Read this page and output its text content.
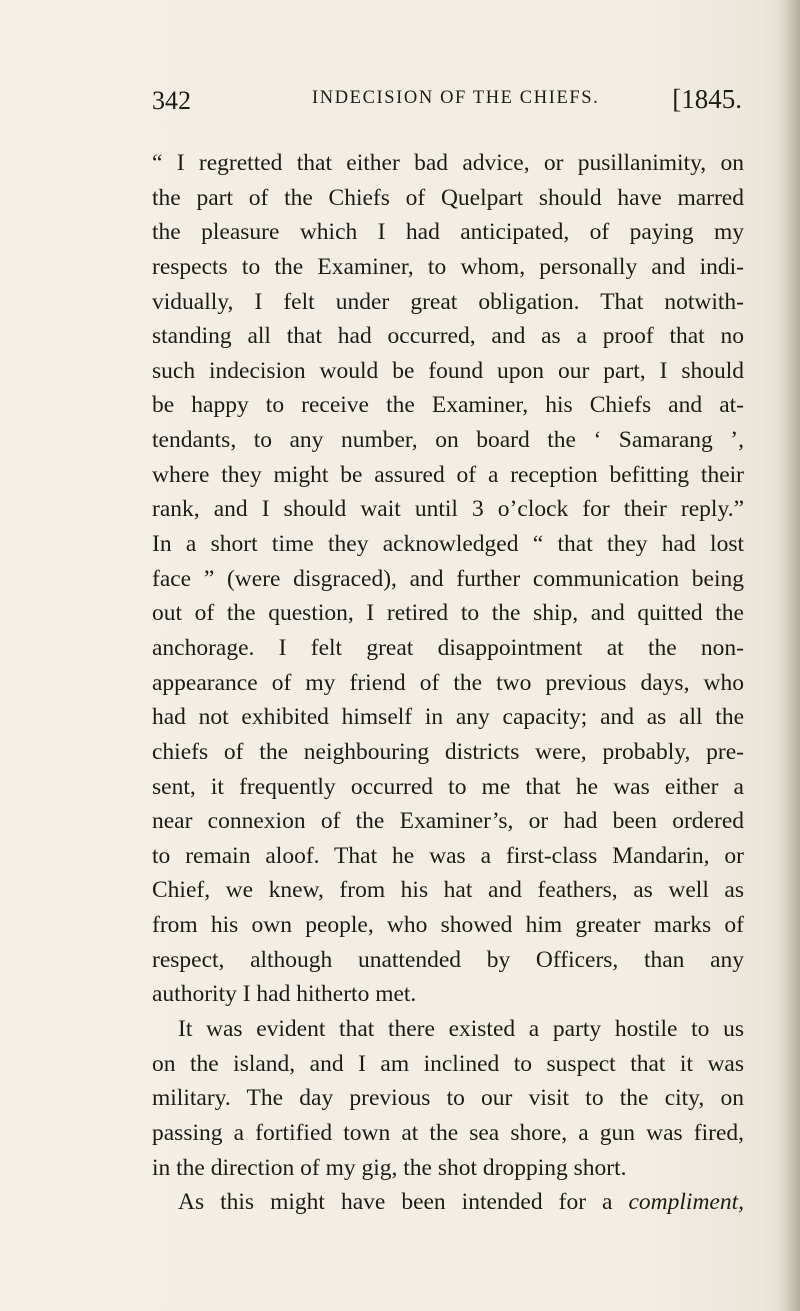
342	INDECISION OF THE CHIEFS.	[1845.
“ I regretted that either bad advice, or pusillanimity, on
the part of the Chiefs of Quelpart should have marred
the pleasure which I had anticipated, of paying my
respects to the Examiner, to whom, personally and indi-
vidually, I felt under great obligation. That notwith-
standing all that had occurred, and as a proof that no
such indecision would be found upon our part, I should
be happy to receive the Examiner, his Chiefs and at-
tendants, to any number, on board the ‘ Samarang ’,
where they might be assured of a reception befitting their
rank, and I should wait until 3 o’clock for their reply.”
In a short time they acknowledged “ that they had lost
face ” (were disgraced), and further communication being
out of the question, I retired to the ship, and quitted the
anchorage. I felt great disappointment at the non-
appearance of my friend of the two previous days, who
had not exhibited himself in any capacity; and as all the
chiefs of the neighbouring districts were, probably, pre-
sent, it frequently occurred to me that he was either a
near connexion of the Examiner’s, or had been ordered
to remain aloof. That he was a first-class Mandarin, or
Chief, we knew, from his hat and feathers, as well as
from his own people, who showed him greater marks of
respect, although unattended by Officers, than any
authority I had hitherto met.
It was evident that there existed a party hostile to us
on the island, and I am inclined to suspect that it was
military. The day previous to our visit to the city, on
passing a fortified town at the sea shore, a gun was fired,
in the direction of my gig, the shot dropping short.
As this might have been intended for a compliment,
